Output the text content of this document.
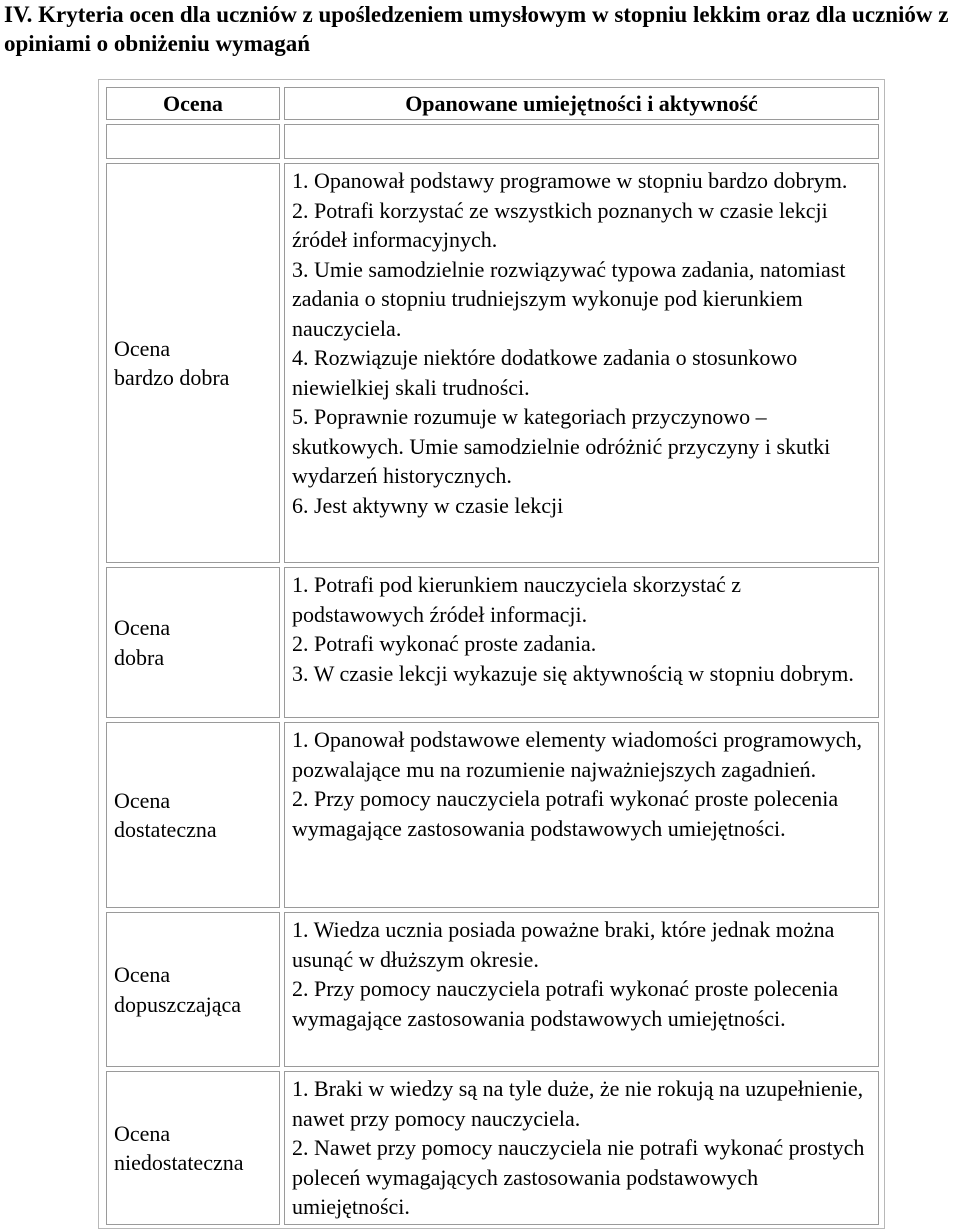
IV. Kryteria ocen dla uczniów z upośledzeniem umysłowym w stopniu lekkim oraz dla uczniów z opiniami o obniżeniu wymagań
Ocena	Opanowane umiejętności i aktywność
Ocena
bardzo dobra
1. Opanował podstawy programowe w stopniu bardzo dobrym.
2. Potrafi korzystać ze wszystkich poznanych w czasie lekcji źródeł informacyjnych.
3. Umie samodzielnie rozwiązywać typowa zadania, natomiast zadania o stopniu trudniejszym wykonuje pod kierunkiem nauczyciela.
4. Rozwiązuje niektóre dodatkowe zadania o stosunkowo niewielkiej skali trudności.
5. Poprawnie rozumuje w kategoriach przyczynowo – skutkowych. Umie samodzielnie odróżnić przyczyny i skutki wydarzeń historycznych.
6. Jest aktywny w czasie lekcji
Ocena
dobra
1. Potrafi pod kierunkiem nauczyciela skorzystać z podstawowych źródeł informacji.
2. Potrafi wykonać proste zadania.
3. W czasie lekcji wykazuje się aktywnością w stopniu dobrym.
Ocena
dostateczna
1. Opanował podstawowe elementy wiadomości programowych, pozwalające mu na rozumienie najważniejszych zagadnień.
2. Przy pomocy nauczyciela potrafi wykonać proste polecenia wymagające zastosowania podstawowych umiejętności.
Ocena
dopuszczająca
1. Wiedza ucznia posiada poważne braki, które jednak można usunąć w dłuższym okresie.
2. Przy pomocy nauczyciela potrafi wykonać proste polecenia wymagające zastosowania podstawowych umiejętności.
Ocena
niedostateczna
1. Braki w wiedzy są na tyle duże, że nie rokują na uzupełnienie, nawet przy pomocy nauczyciela.
2. Nawet przy pomocy nauczyciela nie potrafi wykonać prostych poleceń wymagających zastosowania podstawowych umiejętności.
